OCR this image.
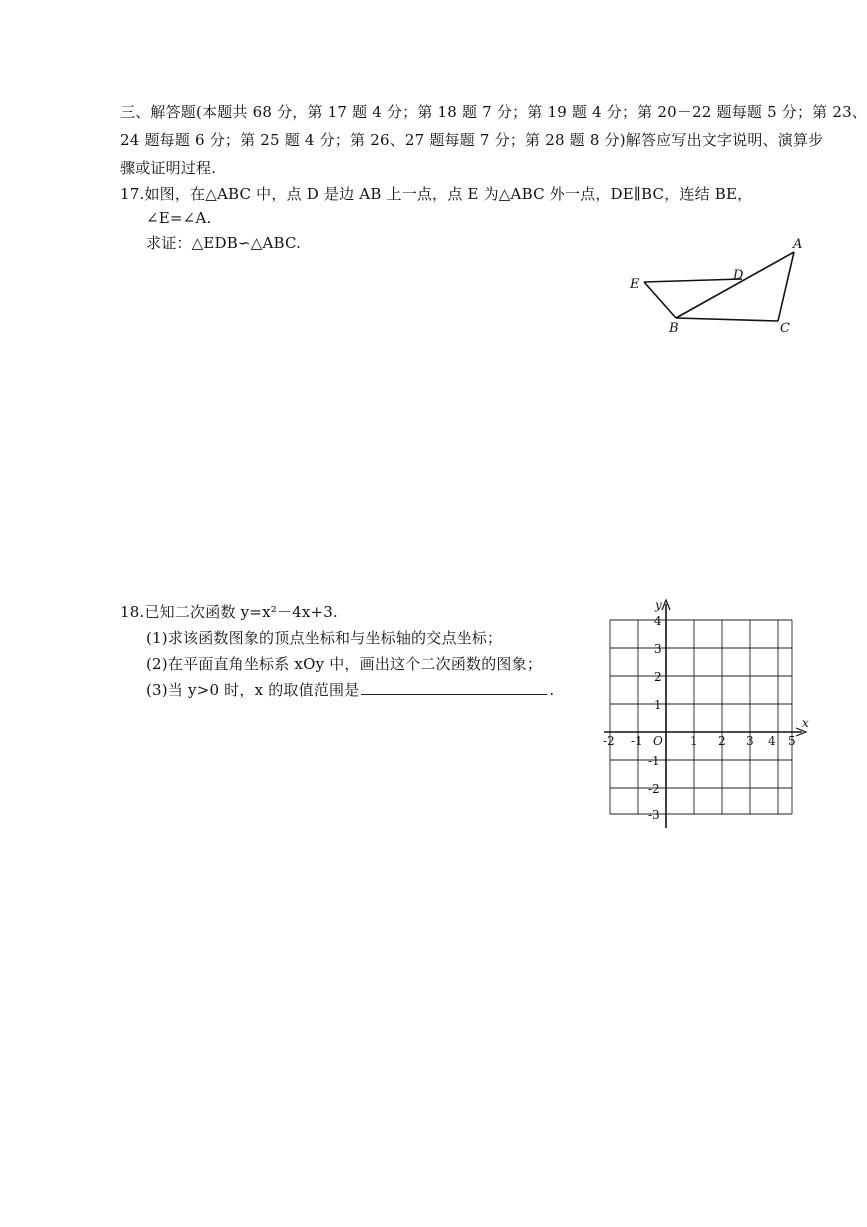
三、解答题(本题共 68 分，第 17 题 4 分；第 18 题 7 分；第 19 题 4 分；第 20－22 题每题 5 分；第 23、
24 题每题 6 分；第 25 题 4 分；第 26、27 题每题 7 分；第 28 题 8 分)解答应写出文字说明、演算步
骤或证明过程.
17.如图，在△ABC 中，点 D 是边 AB 上一点，点 E 为△ABC 外一点，DE∥BC，连结 BE，
∠E=∠A.
求证：△EDB∽△ABC.	A
D
E
B	C
18.已知二次函数 y=x²－4x+3.
(1)求该函数图象的顶点坐标和与坐标轴的交点坐标；
(2)在平面直角坐标系 xOy 中，画出这个二次函数的图象；
(3)当 y>0 时，x 的取值范围是	.
y
x
O
-2 -1	1 2 3 4 5
4
3
2
1
-1
-2
-3
